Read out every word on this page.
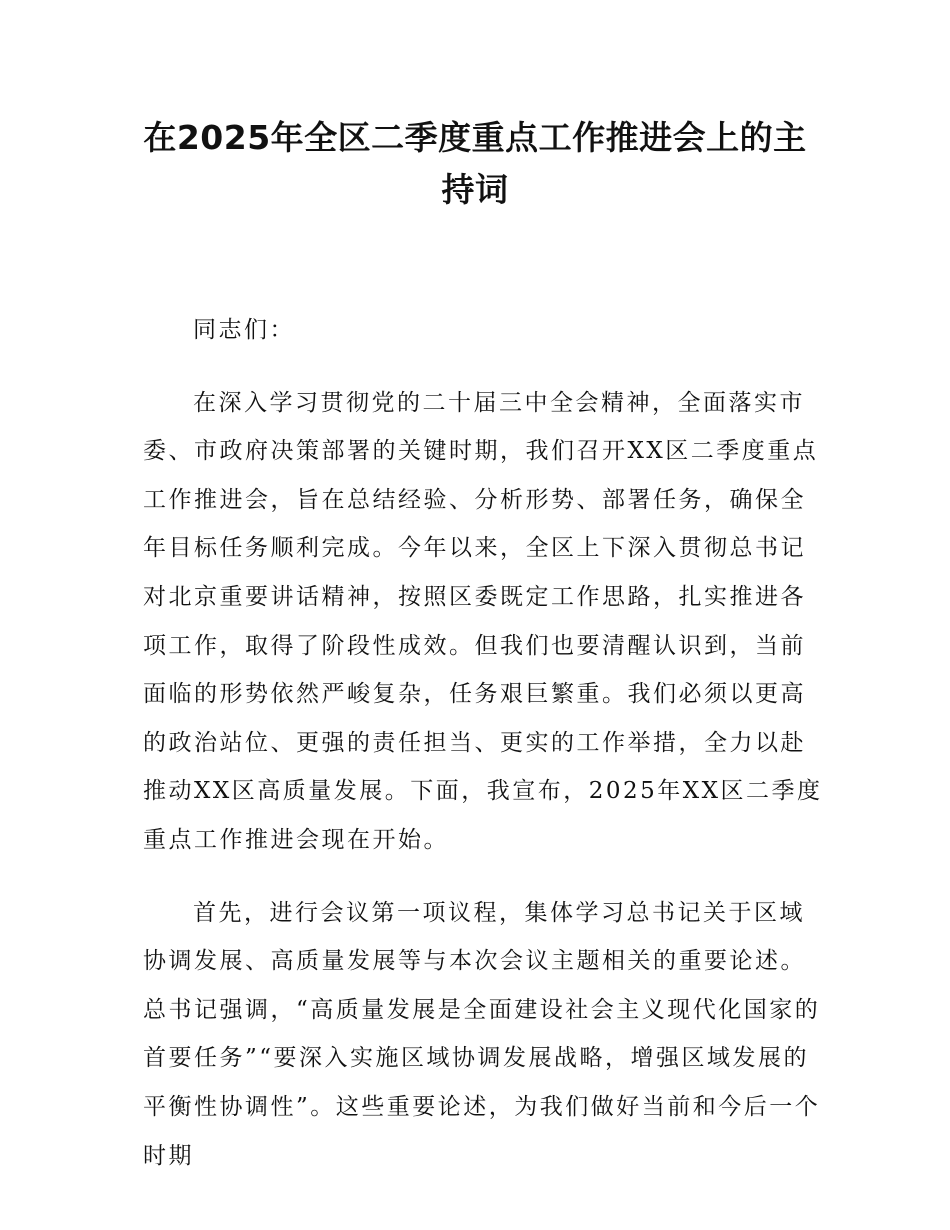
在2025年全区二季度重点工作推进会上的主
持词

同志们：

在深入学习贯彻党的二十届三中全会精神，全面落实市委、市政府决策部署的关键时期，我们召开XX区二季度重点工作推进会，旨在总结经验、分析形势、部署任务，确保全年目标任务顺利完成。今年以来，全区上下深入贯彻总书记对北京重要讲话精神，按照区委既定工作思路，扎实推进各项工作，取得了阶段性成效。但我们也要清醒认识到，当前面临的形势依然严峻复杂，任务艰巨繁重。我们必须以更高的政治站位、更强的责任担当、更实的工作举措，全力以赴推动XX区高质量发展。下面，我宣布，2025年XX区二季度重点工作推进会现在开始。

首先，进行会议第一项议程，集体学习总书记关于区域协调发展、高质量发展等与本次会议主题相关的重要论述。总书记强调，“高质量发展是全面建设社会主义现代化国家的首要任务”“要深入实施区域协调发展战略，增强区域发展的平衡性协调性”。这些重要论述，为我们做好当前和今后一个时期
